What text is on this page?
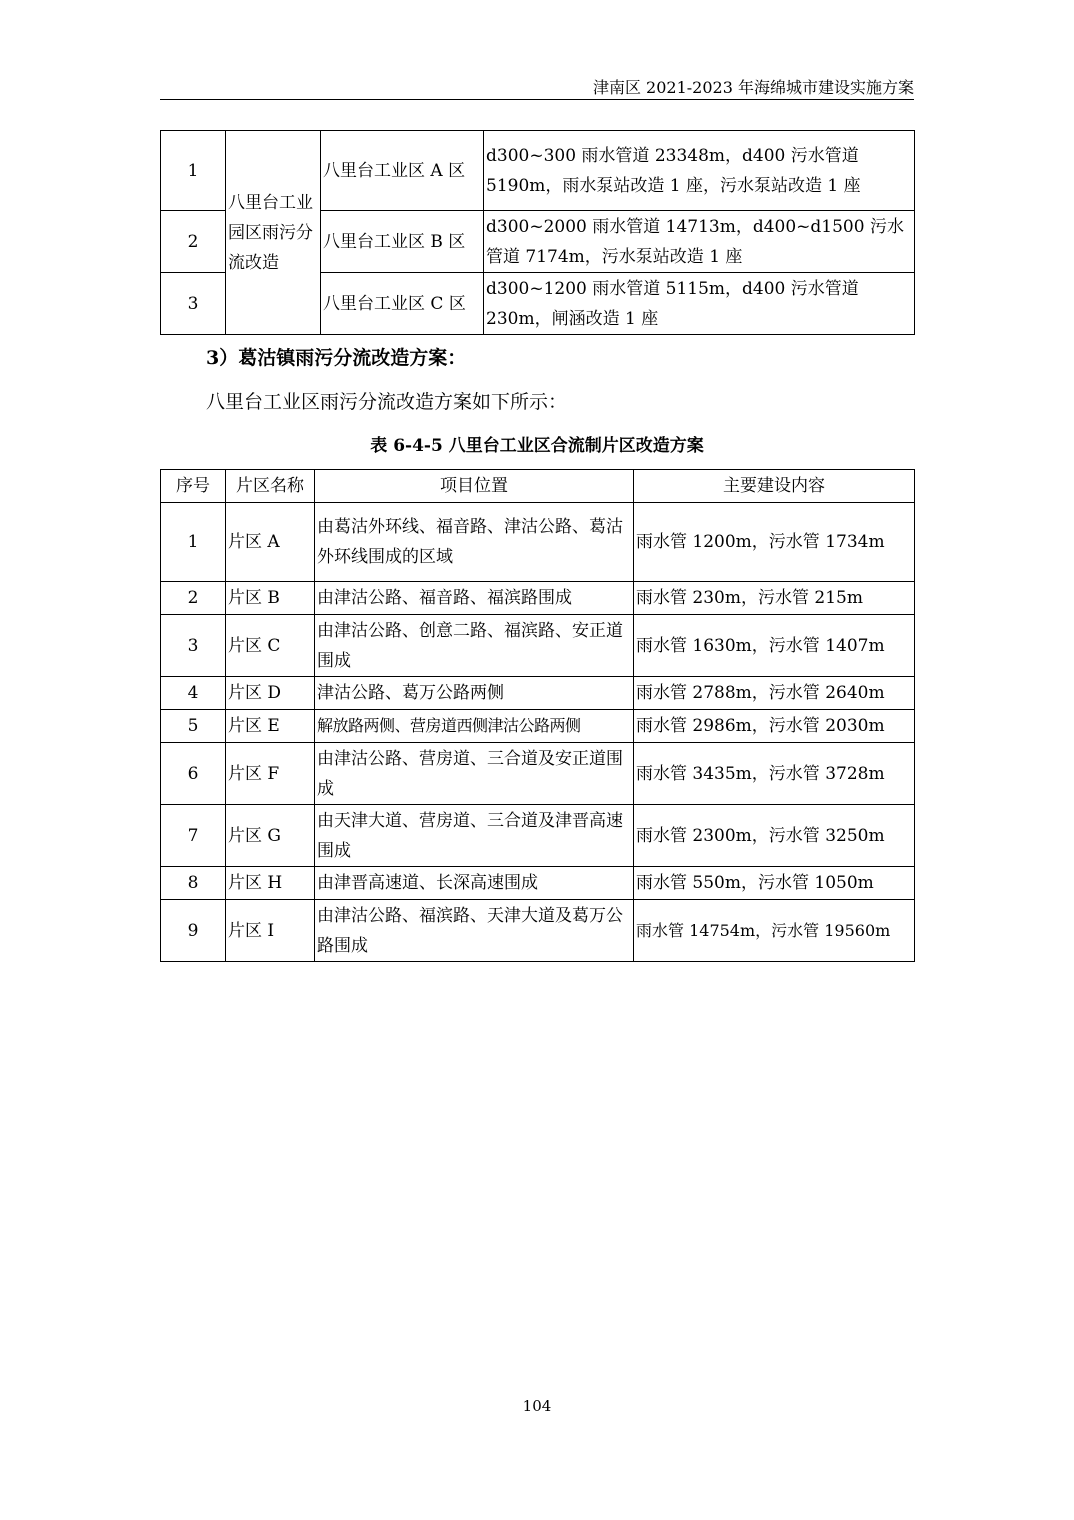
津南区 2021-2023 年海绵城市建设实施方案
1	八里台工业园区雨污分流改造	八里台工业区 A 区	d300~300 雨水管道 23348m，d400 污水管道 5190m，雨水泵站改造 1 座，污水泵站改造 1 座
2		八里台工业区 B 区	d300~2000 雨水管道 14713m，d400~d1500 污水管道 7174m，污水泵站改造 1 座
3		八里台工业区 C 区	d300~1200 雨水管道 5115m，d400 污水管道 230m，闸涵改造 1 座
3）葛沽镇雨污分流改造方案：
八里台工业区雨污分流改造方案如下所示：
表 6-4-5 八里台工业区合流制片区改造方案
序号	片区名称	项目位置	主要建设内容
1	片区 A	由葛沽外环线、福音路、津沽公路、葛沽外环线围成的区域	雨水管 1200m，污水管 1734m
2	片区 B	由津沽公路、福音路、福滨路围成	雨水管 230m，污水管 215m
3	片区 C	由津沽公路、创意二路、福滨路、安正道围成	雨水管 1630m，污水管 1407m
4	片区 D	津沽公路、葛万公路两侧	雨水管 2788m，污水管 2640m
5	片区 E	解放路两侧、营房道西侧津沽公路两侧	雨水管 2986m，污水管 2030m
6	片区 F	由津沽公路、营房道、三合道及安正道围成	雨水管 3435m，污水管 3728m
7	片区 G	由天津大道、营房道、三合道及津晋高速围成	雨水管 2300m，污水管 3250m
8	片区 H	由津晋高速道、长深高速围成	雨水管 550m，污水管 1050m
9	片区 I	由津沽公路、福滨路、天津大道及葛万公路围成	雨水管 14754m，污水管 19560m
104
